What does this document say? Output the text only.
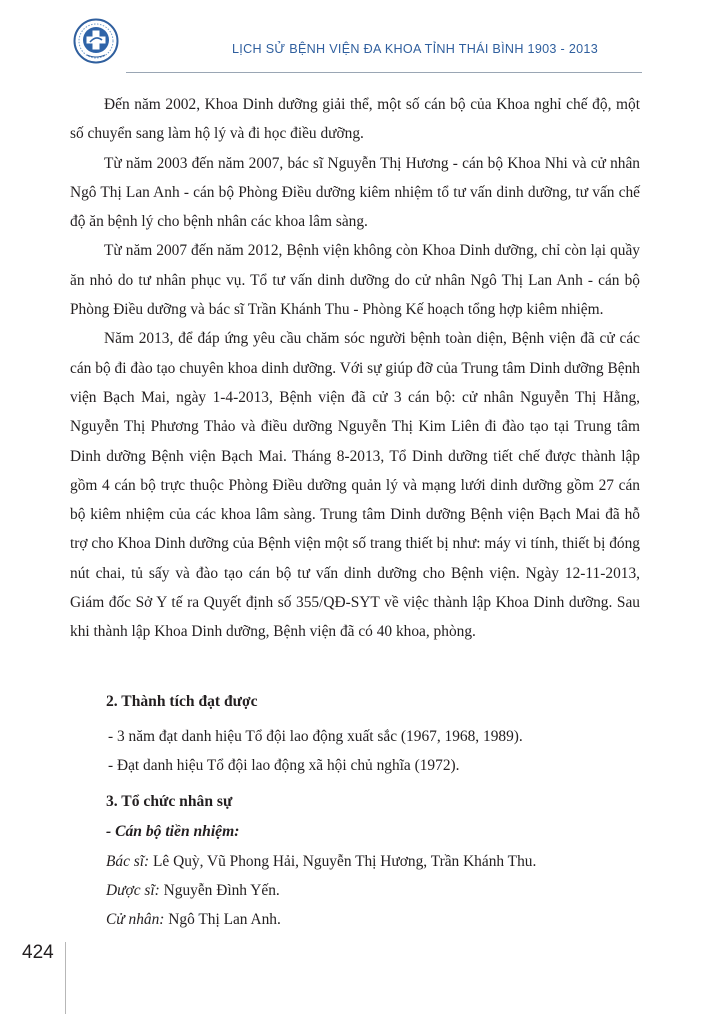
LỊCH SỬ BỆNH VIỆN ĐA KHOA TỈNH THÁI BÌNH 1903 - 2013

Đến năm 2002, Khoa Dinh dưỡng giải thể, một số cán bộ của Khoa nghỉ chế độ, một số chuyển sang làm hộ lý và đi học điều dưỡng.

Từ năm 2003 đến năm 2007, bác sĩ Nguyễn Thị Hương - cán bộ Khoa Nhi và cử nhân Ngô Thị Lan Anh - cán bộ Phòng Điều dưỡng kiêm nhiệm tổ tư vấn dinh dưỡng, tư vấn chế độ ăn bệnh lý cho bệnh nhân các khoa lâm sàng.

Từ năm 2007 đến năm 2012, Bệnh viện không còn Khoa Dinh dưỡng, chỉ còn lại quầy ăn nhỏ do tư nhân phục vụ. Tổ tư vấn dinh dưỡng do cử nhân Ngô Thị Lan Anh - cán bộ Phòng Điều dưỡng và bác sĩ Trần Khánh Thu - Phòng Kế hoạch tổng hợp kiêm nhiệm.

Năm 2013, để đáp ứng yêu cầu chăm sóc người bệnh toàn diện, Bệnh viện đã cử các cán bộ đi đào tạo chuyên khoa dinh dưỡng. Với sự giúp đỡ của Trung tâm Dinh dưỡng Bệnh viện Bạch Mai, ngày 1-4-2013, Bệnh viện đã cử 3 cán bộ: cử nhân Nguyễn Thị Hằng, Nguyễn Thị Phương Thảo và điều dưỡng Nguyễn Thị Kim Liên đi đào tạo tại Trung tâm Dinh dưỡng Bệnh viện Bạch Mai. Tháng 8-2013, Tổ Dinh dưỡng tiết chế được thành lập gồm 4 cán bộ trực thuộc Phòng Điều dưỡng quản lý và mạng lưới dinh dưỡng gồm 27 cán bộ kiêm nhiệm của các khoa lâm sàng. Trung tâm Dinh dưỡng Bệnh viện Bạch Mai đã hỗ trợ cho Khoa Dinh dưỡng của Bệnh viện một số trang thiết bị như: máy vi tính, thiết bị đóng nút chai, tủ sấy và đào tạo cán bộ tư vấn dinh dưỡng cho Bệnh viện. Ngày 12-11-2013, Giám đốc Sở Y tế ra Quyết định số 355/QĐ-SYT về việc thành lập Khoa Dinh dưỡng. Sau khi thành lập Khoa Dinh dưỡng, Bệnh viện đã có 40 khoa, phòng.

2. Thành tích đạt được
- 3 năm đạt danh hiệu Tổ đội lao động xuất sắc (1967, 1968, 1989).
- Đạt danh hiệu Tổ đội lao động xã hội chủ nghĩa (1972).
3. Tổ chức nhân sự
- Cán bộ tiền nhiệm:
Bác sĩ: Lê Quỳ, Vũ Phong Hải, Nguyễn Thị Hương, Trần Khánh Thu.
Dược sĩ: Nguyễn Đình Yến.
Cử nhân: Ngô Thị Lan Anh.
424
